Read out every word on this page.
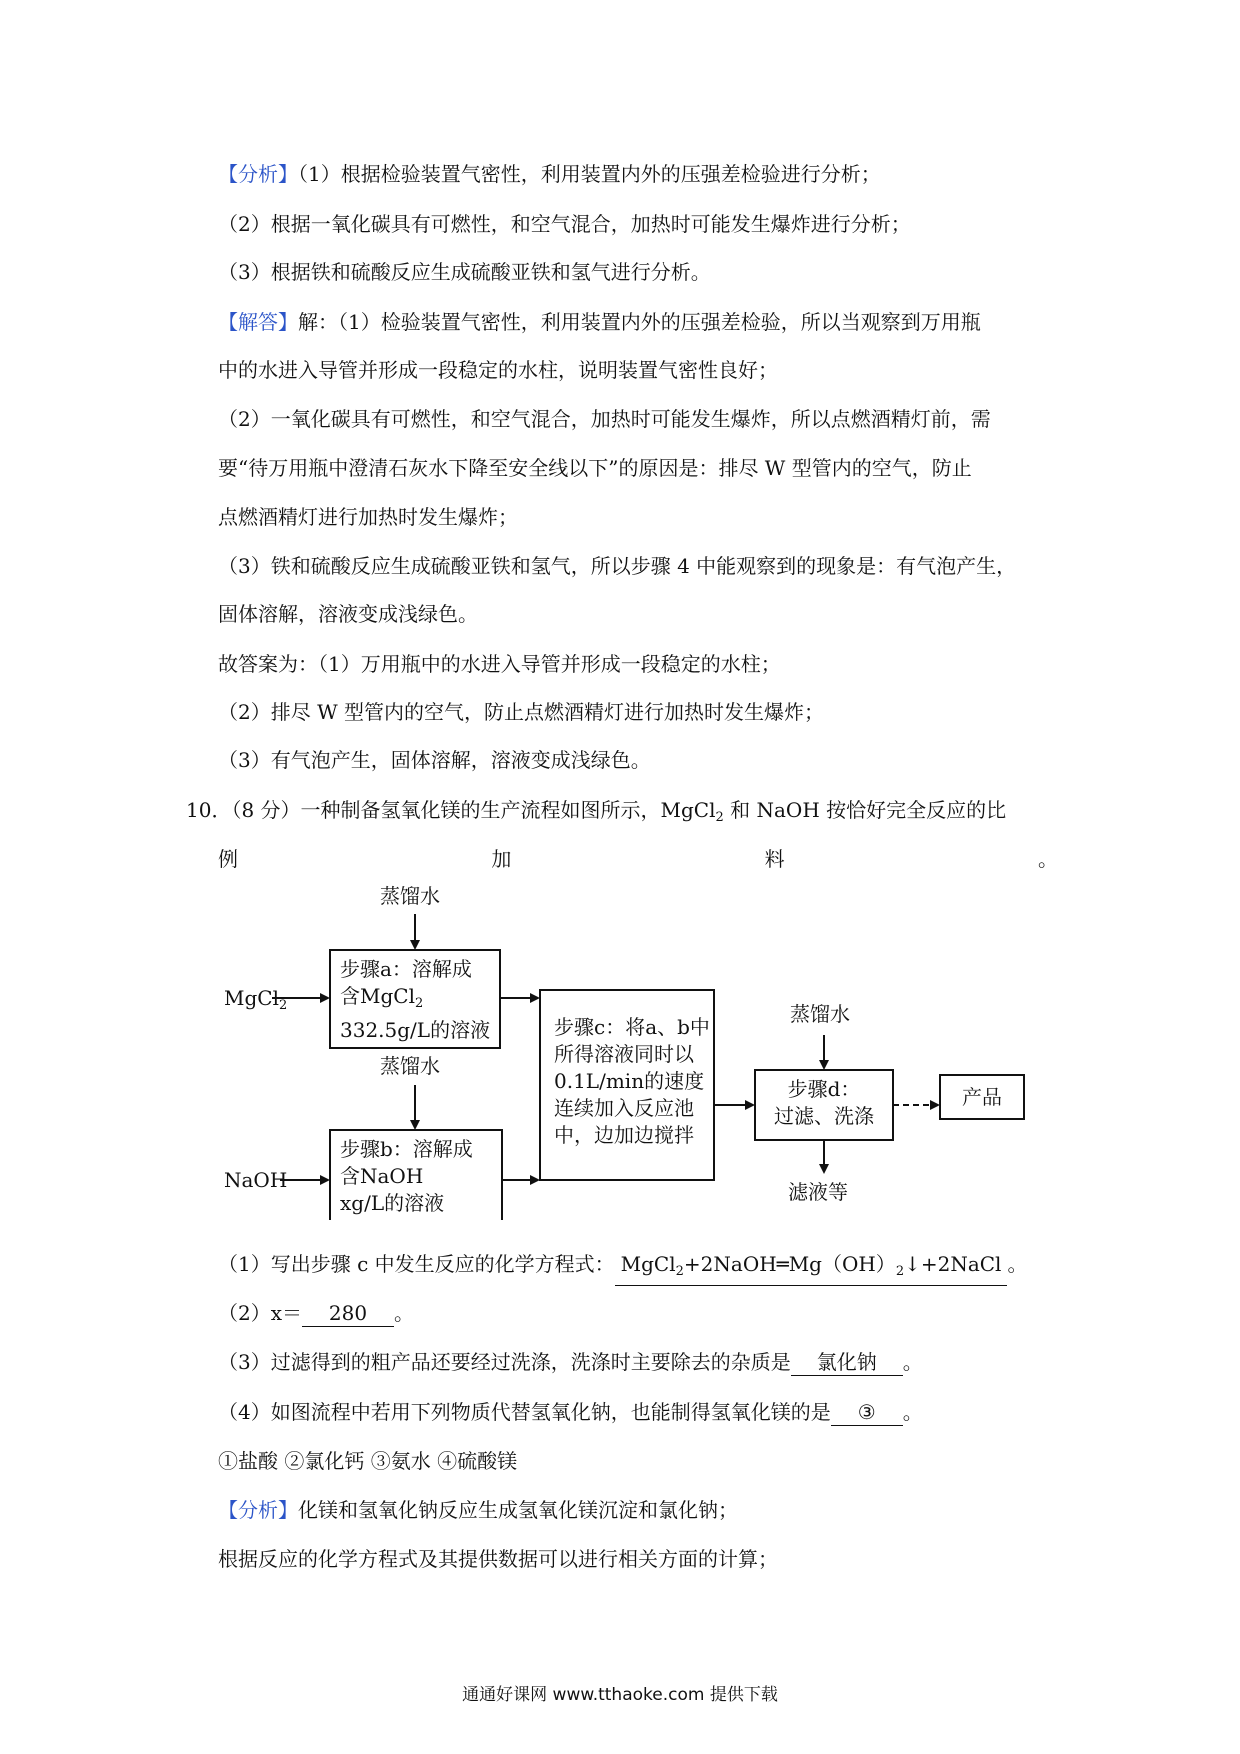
【分析】（1）根据检验装置气密性，利用装置内外的压强差检验进行分析；
（2）根据一氧化碳具有可燃性，和空气混合，加热时可能发生爆炸进行分析；
（3）根据铁和硫酸反应生成硫酸亚铁和氢气进行分析。
【解答】解：（1）检验装置气密性，利用装置内外的压强差检验，所以当观察到万用瓶
中的水进入导管并形成一段稳定的水柱，说明装置气密性良好；
（2）一氧化碳具有可燃性，和空气混合，加热时可能发生爆炸，所以点燃酒精灯前，需
要“待万用瓶中澄清石灰水下降至安全线以下”的原因是：排尽 W 型管内的空气，防止
点燃酒精灯进行加热时发生爆炸；
（3）铁和硫酸反应生成硫酸亚铁和氢气，所以步骤 4 中能观察到的现象是：有气泡产生，
固体溶解，溶液变成浅绿色。
故答案为：（1）万用瓶中的水进入导管并形成一段稳定的水柱；
（2）排尽 W 型管内的空气，防止点燃酒精灯进行加热时发生爆炸；
（3）有气泡产生，固体溶解，溶液变成浅绿色。
10．（8 分）一种制备氢氧化镁的生产流程如图所示，MgCl$_2$ 和 NaOH 按恰好完全反应的比
例	加	料	。
蒸馏水
MgCl$_2$
步骤a：溶解成
含MgCl$_2$
332.5g/L的溶液
蒸馏水
NaOH
步骤b：溶解成
含NaOH
xg/L的溶液
步骤c：将a、b中
所得溶液同时以
0.1L/min的速度
连续加入反应池
中，边加边搅拌
蒸馏水
步骤d：
过滤、洗涤
产品
滤液等
（1）写出步骤 c 中发生反应的化学方程式： $MgCl_2+2NaOH═Mg(OH)_2↓+2NaCl$ 。
（2）x＝ 280 。
（3）过滤得到的粗产品还要经过洗涤，洗涤时主要除去的杂质是 氯化钠 。
（4）如图流程中若用下列物质代替氢氧化钠，也能制得氢氧化镁的是 ③ 。
①盐酸 ②氯化钙 ③氨水 ④硫酸镁
【分析】化镁和氢氧化钠反应生成氢氧化镁沉淀和氯化钠；
根据反应的化学方程式及其提供数据可以进行相关方面的计算；
通通好课网 www.tthaoke.com 提供下载
